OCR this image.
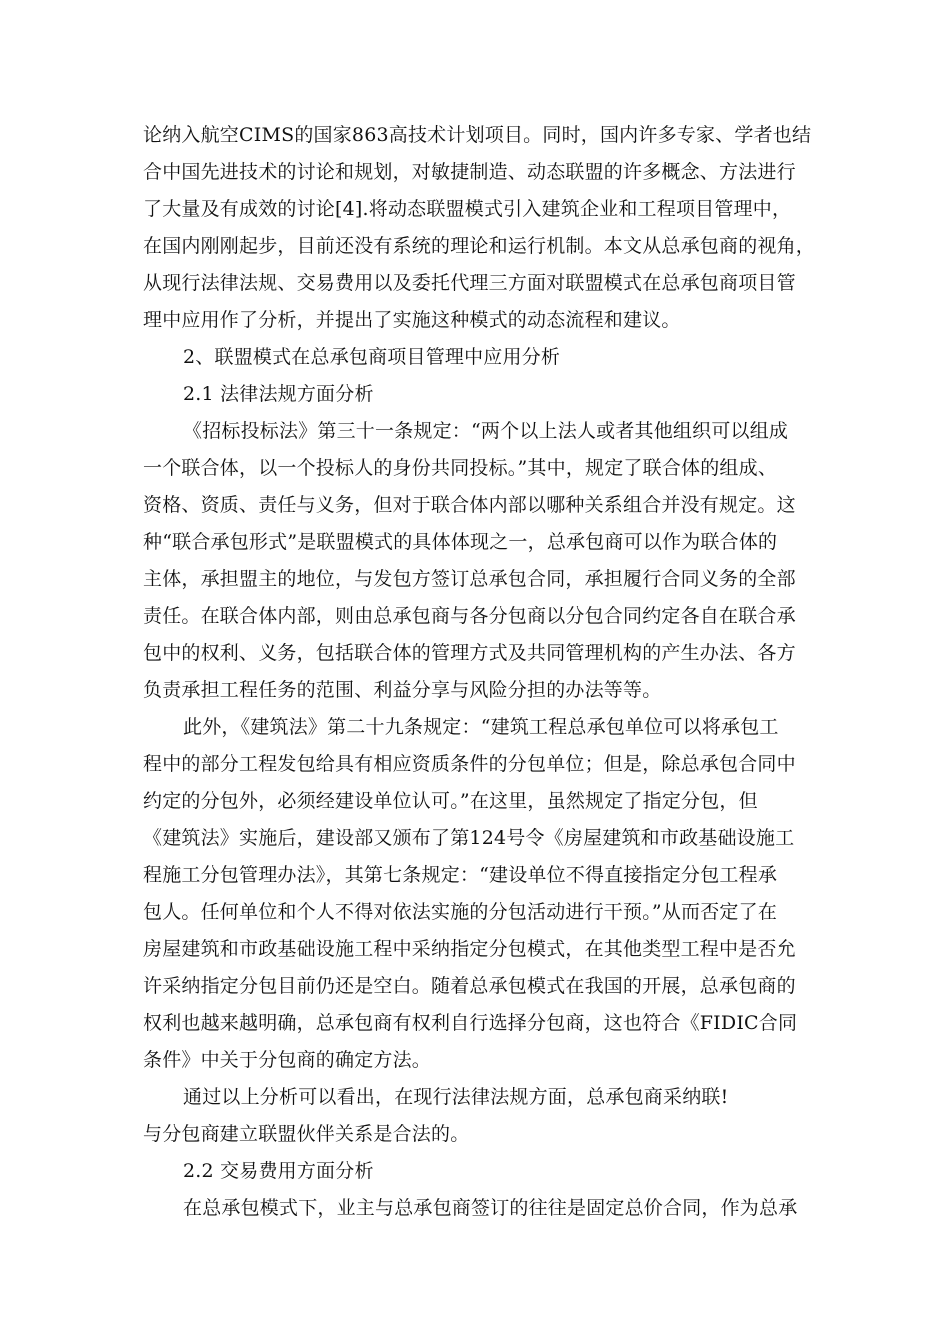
论纳入航空CIMS的国家863高技术计划项目。同时，国内许多专家、学者也结
合中国先进技术的讨论和规划，对敏捷制造、动态联盟的许多概念、方法进行
了大量及有成效的讨论[4].将动态联盟模式引入建筑企业和工程项目管理中，
在国内刚刚起步，目前还没有系统的理论和运行机制。本文从总承包商的视角，
从现行法律法规、交易费用以及委托代理三方面对联盟模式在总承包商项目管
理中应用作了分析，并提出了实施这种模式的动态流程和建议。
2、联盟模式在总承包商项目管理中应用分析
2.1 法律法规方面分析
《招标投标法》第三十一条规定：“两个以上法人或者其他组织可以组成
一个联合体，以一个投标人的身份共同投标。”其中，规定了联合体的组成、
资格、资质、责任与义务，但对于联合体内部以哪种关系组合并没有规定。这
种“联合承包形式”是联盟模式的具体体现之一，总承包商可以作为联合体的
主体，承担盟主的地位，与发包方签订总承包合同，承担履行合同义务的全部
责任。在联合体内部，则由总承包商与各分包商以分包合同约定各自在联合承
包中的权利、义务，包括联合体的管理方式及共同管理机构的产生办法、各方
负责承担工程任务的范围、利益分享与风险分担的办法等等。
此外，《建筑法》第二十九条规定：“建筑工程总承包单位可以将承包工
程中的部分工程发包给具有相应资质条件的分包单位；但是，除总承包合同中
约定的分包外，必须经建设单位认可。”在这里，虽然规定了指定分包，但
《建筑法》实施后，建设部又颁布了第124号令《房屋建筑和市政基础设施工
程施工分包管理办法》，其第七条规定：“建设单位不得直接指定分包工程承
包人。任何单位和个人不得对依法实施的分包活动进行干预。”从而否定了在
房屋建筑和市政基础设施工程中采纳指定分包模式，在其他类型工程中是否允
许采纳指定分包目前仍还是空白。随着总承包模式在我国的开展，总承包商的
权利也越来越明确，总承包商有权利自行选择分包商，这也符合《FIDIC合同
条件》中关于分包商的确定方法。
通过以上分析可以看出，在现行法律法规方面，总承包商采纳联!
与分包商建立联盟伙伴关系是合法的。
2.2 交易费用方面分析
在总承包模式下，业主与总承包商签订的往往是固定总价合同，作为总承
